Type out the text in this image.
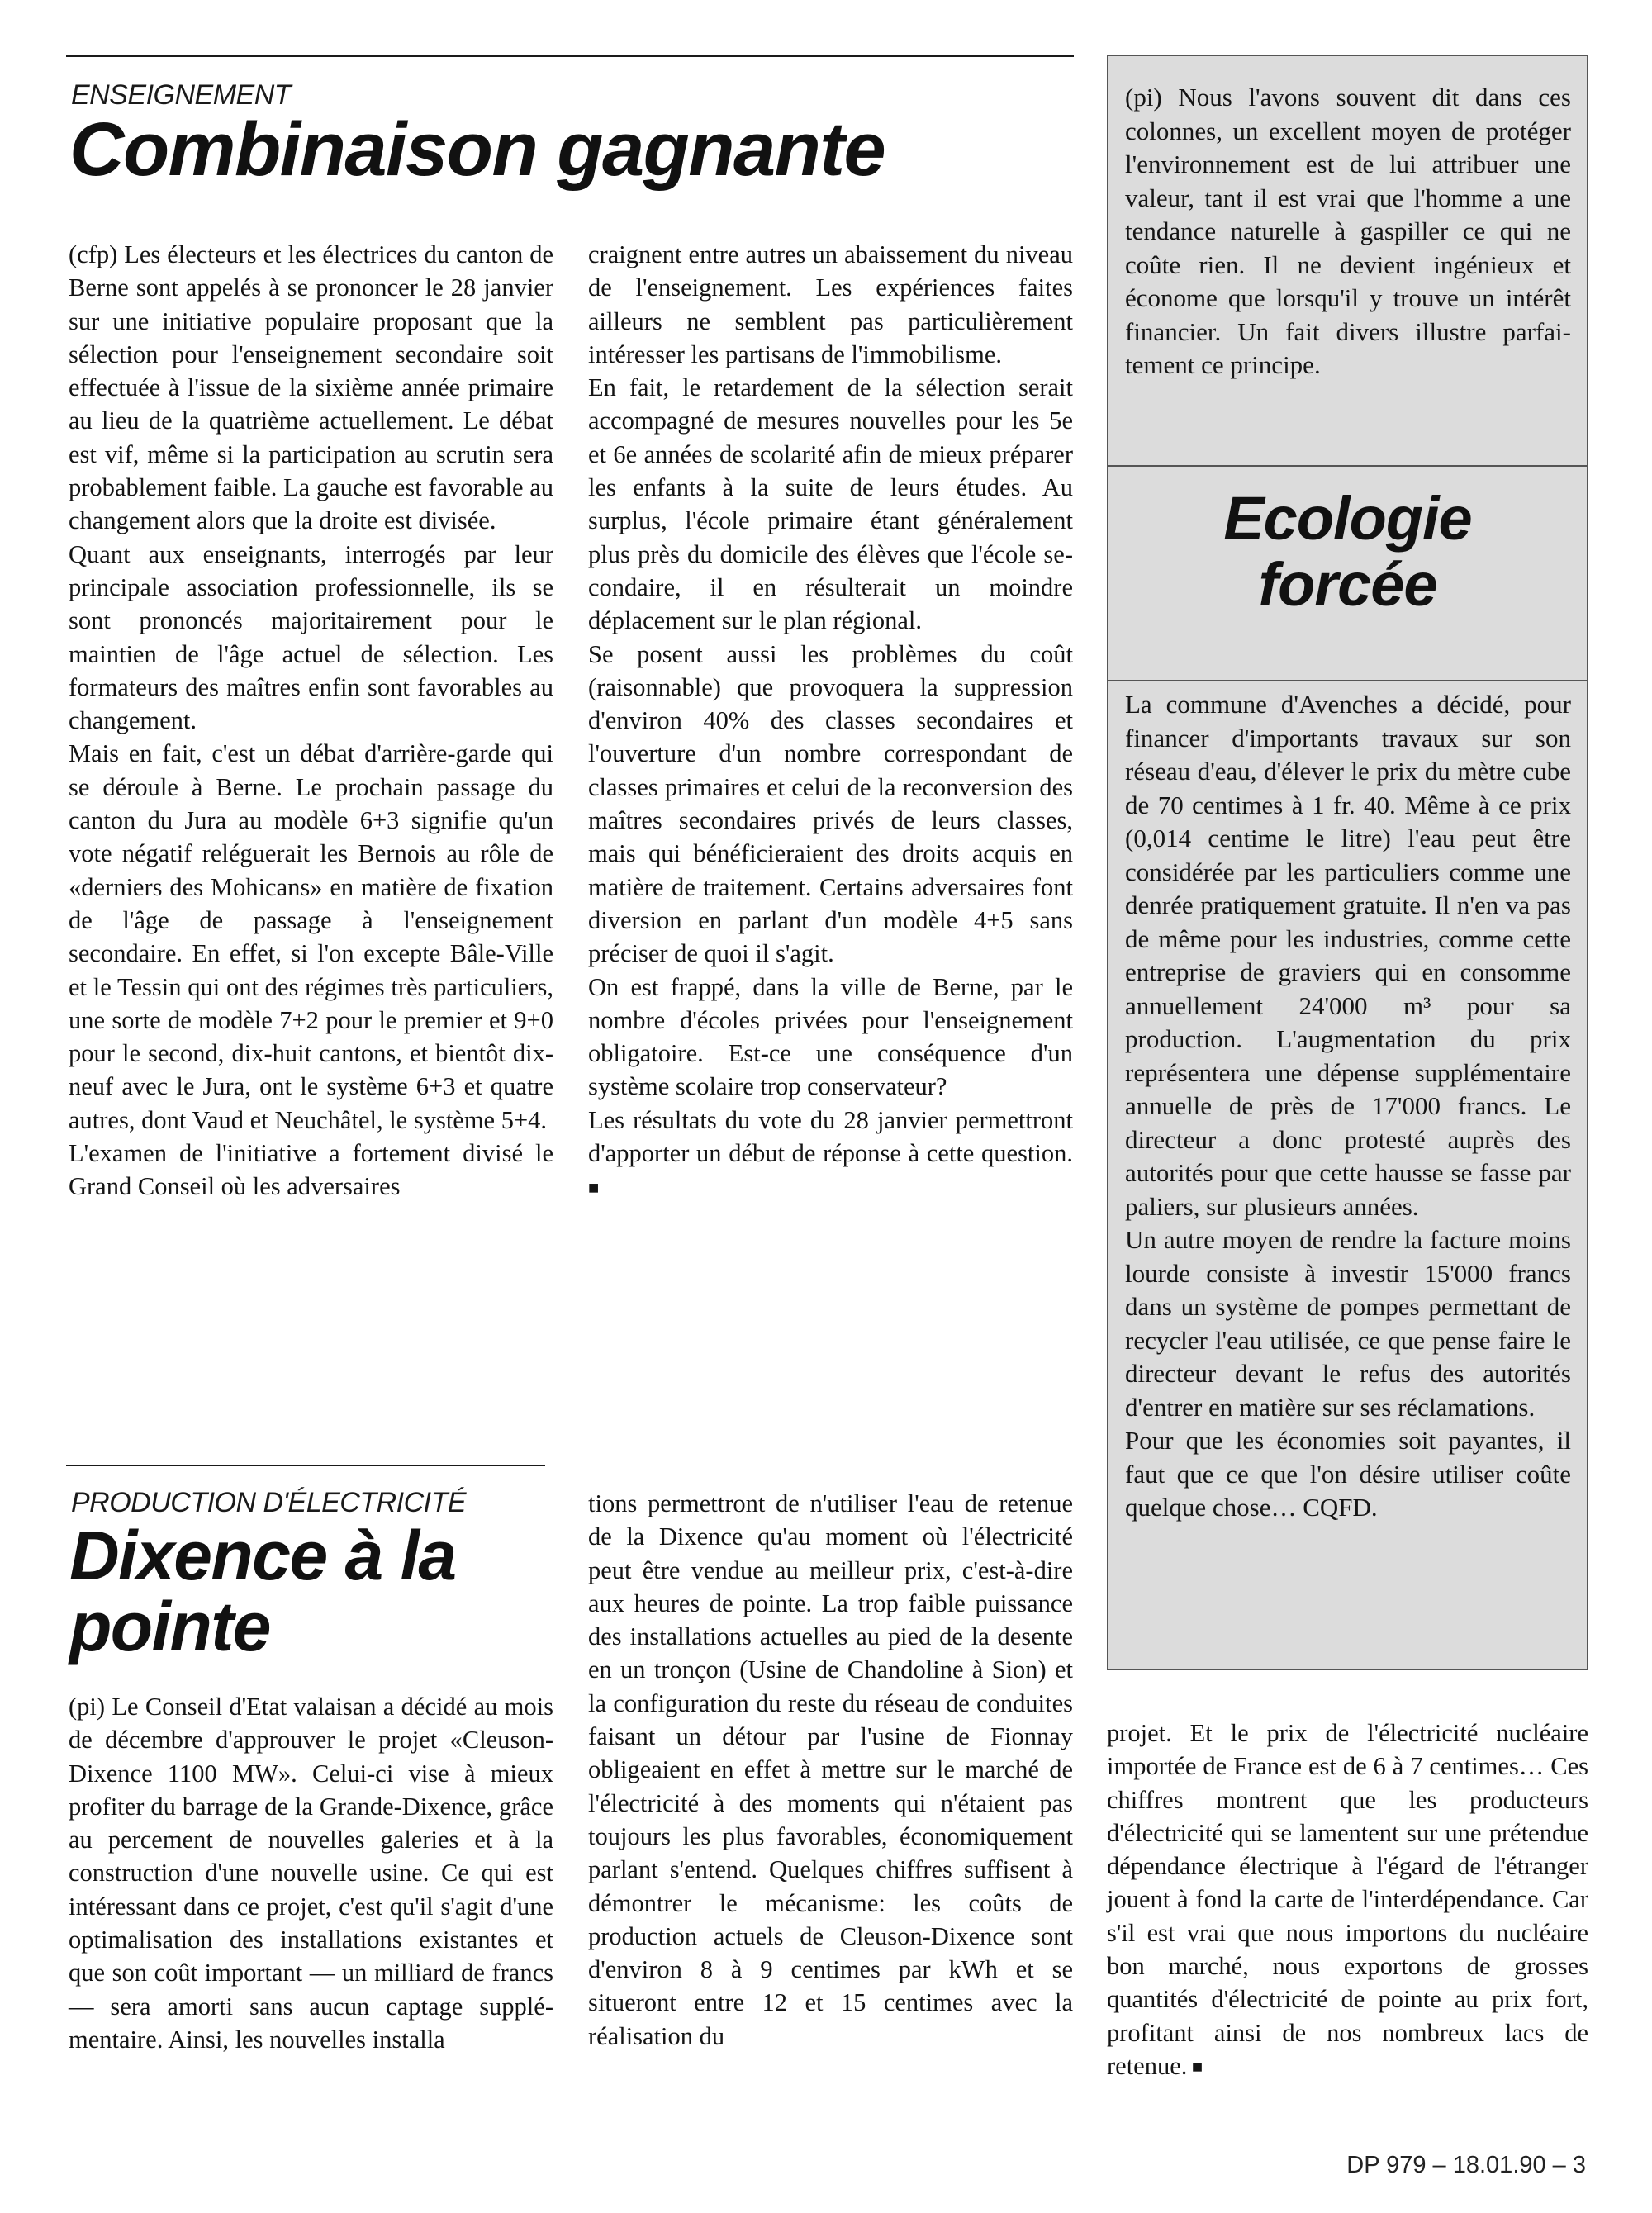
ENSEIGNEMENT
Combinaison gagnante

(cfp) Les électeurs et les électrices du canton de Berne sont appelés à se prononcer le 28 janvier sur une initiative populaire proposant que la sélection pour l'enseignement secondaire soit effectuée à l'issue de la sixième année primaire au lieu de la quatrième actuellement. Le débat est vif, même si la participation au scrutin sera probablement faible. La gauche est favorable au changement alors que la droite est divisée.

Quant aux enseignants, interrogés par leur principale association professionnelle, ils se sont prononcés majoritairement pour le maintien de l'âge actuel de sélection. Les formateurs des maîtres enfin sont favorables au changement.

Mais en fait, c'est un débat d'arrière-garde qui se déroule à Berne. Le prochain passage du canton du Jura au modèle 6+3 signifie qu'un vote négatif reléguerait les Bernois au rôle de «derniers des Mohicans» en matière de fixation de l'âge de passage à l'enseignement secondaire. En effet, si l'on excepte Bâle-Ville et le Tessin qui ont des régimes très particuliers, une sorte de modèle 7+2 pour le premier et 9+0 pour le second, dix-huit cantons, et bientôt dix-neuf avec le Jura, ont le système 6+3 et quatre autres, dont Vaud et Neuchâtel, le système 5+4.

L'examen de l'initiative a fortement divisé le Grand Conseil où les adversaires

craignent entre autres un abaissement du niveau de l'enseignement. Les expériences faites ailleurs ne semblent pas particulièrement intéresser les partisans de l'immobilisme.

En fait, le retardement de la sélection serait accompagné de mesures nouvelles pour les 5e et 6e années de scolarité afin de mieux préparer les enfants à la suite de leurs études. Au surplus, l'école primaire étant généralement plus près du domicile des élèves que l'école secondaire, il en résulterait un moindre déplacement sur le plan régional.

Se posent aussi les problèmes du coût (raisonnable) que provoquera la suppression d'environ 40% des classes secondaires et l'ouverture d'un nombre correspondant de classes primaires et celui de la reconversion des maîtres secondaires privés de leurs classes, mais qui bénéficieraient des droits acquis en matière de traitement. Certains adversaires font diversion en parlant d'un modèle 4+5 sans préciser de quoi il s'agit.

On est frappé, dans la ville de Berne, par le nombre d'écoles privées pour l'enseignement obligatoire. Est-ce une conséquence d'un système scolaire trop conservateur?

Les résultats du vote du 28 janvier permettront d'apporter un début de réponse à cette question. ■

(pi) Nous l'avons souvent dit dans ces colonnes, un excellent moyen de protéger l'environnement est de lui attribuer une valeur, tant il est vrai que l'homme a une tendance naturelle à gaspiller ce qui ne coûte rien. Il ne devient ingénieux et économe que lorsqu'il y trouve un intérêt financier. Un fait divers illustre parfaitement ce principe.
Ecologie
forcée

La commune d'Avenches a décidé, pour financer d'importants travaux sur son réseau d'eau, d'élever le prix du mètre cube de 70 centimes à 1 fr. 40. Même à ce prix (0,014 centime le litre) l'eau peut être considérée par les particuliers comme une denrée pratiquement gratuite. Il n'en va pas de même pour les industries, comme cette entreprise de graviers qui en consomme annuellement 24'000 m³ pour sa production. L'augmentation du prix représentera une dépense supplémentaire annuelle de près de 17'000 francs. Le directeur a donc protesté auprès des autorités pour que cette hausse se fasse par paliers, sur plusieurs années.

Un autre moyen de rendre la facture moins lourde consiste à investir 15'000 francs dans un système de pompes permettant de recycler l'eau utilisée, ce que pense faire le directeur devant le refus des autorités d'entrer en matière sur ses réclamations.

Pour que les économies soit payantes, il faut que ce que l'on désire utiliser coûte quelque chose… CQFD.

PRODUCTION D'ÉLECTRICITÉ
Dixence à la
pointe

(pi) Le Conseil d'Etat valaisan a décidé au mois de décembre d'approuver le projet «Cleuson-Dixence 1100 MW». Celui-ci vise à mieux profiter du barrage de la Grande-Dixence, grâce au percement de nouvelles galeries et à la construction d'une nouvelle usine. Ce qui est intéressant dans ce projet, c'est qu'il s'agit d'une optimalisation des installations existantes et que son coût important — un milliard de francs — sera amorti sans aucun captage supplémentaire. Ainsi, les nouvelles installa

tions permettront de n'utiliser l'eau de retenue de la Dixence qu'au moment où l'électricité peut être vendue au meilleur prix, c'est-à-dire aux heures de pointe. La trop faible puissance des installations actuelles au pied de la desente en un tronçon (Usine de Chandoline à Sion) et la configuration du reste du réseau de conduites faisant un détour par l'usine de Fionnay obligeaient en effet à mettre sur le marché de l'électricité à des moments qui n'étaient pas toujours les plus favorables, économiquement parlant s'entend. Quelques chiffres suffisent à démontrer le mécanisme: les coûts de production actuels de Cleuson-Dixence sont d'environ 8 à 9 centimes par kWh et se situeront entre 12 et 15 centimes avec la réalisation du

projet. Et le prix de l'électricité nucléaire importée de France est de 6 à 7 centimes… Ces chiffres montrent que les producteurs d'électricité qui se lamentent sur une prétendue dépendance électrique à l'égard de l'étranger jouent à fond la carte de l'interdépendance. Car s'il est vrai que nous importons du nucléaire bon marché, nous exportons de grosses quantités d'électricité de pointe au prix fort, profitant ainsi de nos nombreux lacs de retenue. ■

DP 979 – 18.01.90 – 3
